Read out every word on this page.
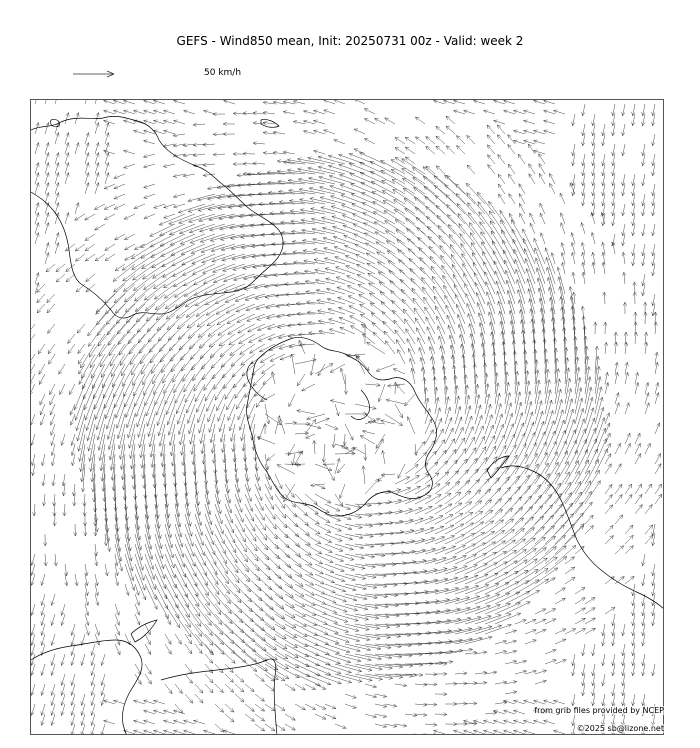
GEFS - Wind850 mean, Init: 20250731 00z - Valid: week 2
50 km/h
from grib files provided by NCEP
©2025 sb@lizone.net
